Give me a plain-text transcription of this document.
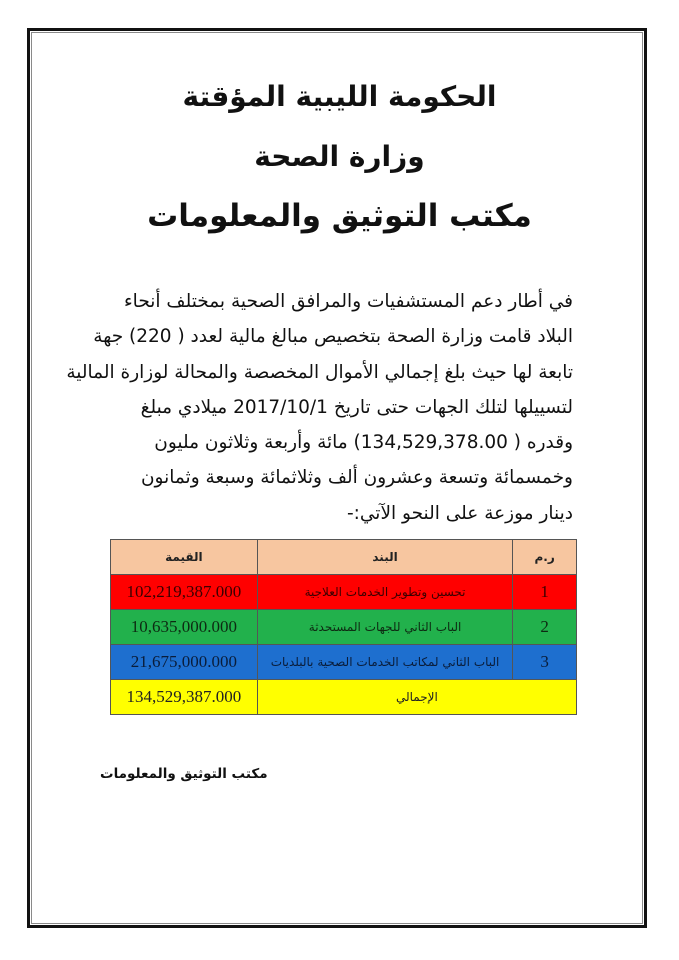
الحكومة الليبية المؤقتة
وزارة الصحة
مكتب التوثيق والمعلومات
في أطار دعم المستشفيات والمرافق الصحية بمختلف أنحاء
البلاد قامت وزارة الصحة بتخصيص مبالغ مالية لعدد ( 220) جهة
تابعة لها حيث بلغ إجمالي الأموال المخصصة والمحالة لوزارة المالية
لتسييلها لتلك الجهات حتى تاريخ 2017/10/1 ميلادي مبلغ
وقدره ( 134,529,378.00) مائة وأربعة وثلاثون مليون
وخمسمائة وتسعة وعشرون ألف وثلاثمائة وسبعة وثمانون
دينار موزعة على النحو الآتي:-
ر.م	البند	القيمة
1	تحسين وتطوير الخدمات العلاجية	102,219,387.000
2	الباب الثاني للجهات المستحدثة	10,635,000.000
3	الباب الثاني لمكاتب الخدمات الصحية بالبلديات	21,675,000.000
الإجمالي		134,529,387.000
مكتب التوثيق والمعلومات
